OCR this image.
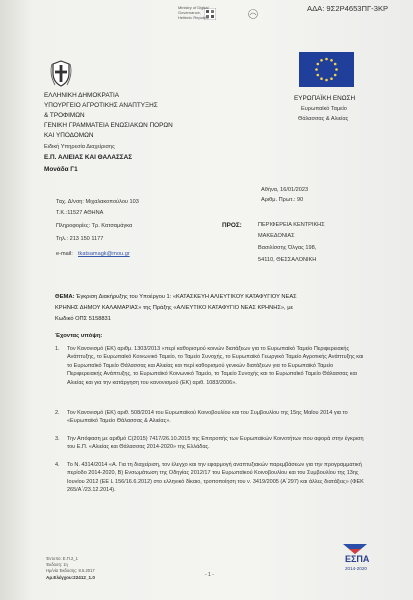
Ministry of Digital
Governance,
Hellenic Republic
ΑΔΑ: 9Σ2Ρ4653ΠΓ-3ΚΡ
ΕΛΛΗΝΙΚΗ ΔΗΜΟΚΡΑΤΙΑ
ΥΠΟΥΡΓΕΙΟ ΑΓΡΟΤΙΚΗΣ ΑΝΑΠΤΥΞΗΣ
& ΤΡΟΦΙΜΩΝ
ΓΕΝΙΚΗ ΓΡΑΜΜΑΤΕΙΑ ΕΝΩΣΙΑΚΩΝ ΠΟΡΩΝ
ΚΑΙ ΥΠΟΔΟΜΩΝ
Ειδική Υπηρεσία Διαχείρισης
Ε.Π. ΑΛΙΕΙΑΣ ΚΑΙ ΘΑΛΑΣΣΑΣ
Μονάδα Γ1
ΕΥΡΩΠΑΪΚΗ ΕΝΩΣΗ
Ευρωπαϊκό Ταμείο
Θάλασσας & Αλιείας
Αθήνα, 16/01/2023
Αριθμ. Πρωτ.: 90
Ταχ. Δ/νση: Μιχαλακοπούλου 103
Τ.Κ.:11527 ΑΘΗΝΑ
Πληροφορίες: Τρ. Κατσαμάγκα
Τηλ.: 213 150 1177
e-mail: tkatsamagk@mou.gr
ΠΡΟΣ:	ΠΕΡΙΦΕΡΕΙΑ ΚΕΝΤΡΙΚΗΣ
ΜΑΚΕΔΟΝΙΑΣ
Βασιλίσσης Όλγας 198,
54110, ΘΕΣΣΑΛΟΝΙΚΗ
ΘΕΜΑ: Έγκριση Διακήρυξης του Υποέργου 1: «ΚΑΤΑΣΚΕΥΗ ΑΛΙΕΥΤΙΚΟΥ ΚΑΤΑΦΥΓΙΟΥ ΝΕΑΣ
ΚΡΗΝΗΣ ΔΗΜΟΥ ΚΑΛΑΜΑΡΙΑΣ» της Πράξης «ΑΛΙΕΥΤΙΚΟ ΚΑΤΑΦΥΓΙΟ ΝΕΑΣ ΚΡΗΝΗΣ», με
Κωδικό ΟΠΣ 5158831
Έχοντας υπόψη:
1.	Τον Κανονισμό (ΕΚ) αριθμ. 1303/2013 «περί καθορισμού κοινών διατάξεων για το Ευρωπαϊκό Ταμείο Περιφερειακής Ανάπτυξης, το Ευρωπαϊκό Κοινωνικό Ταμείο, το Ταμείο Συνοχής, το Ευρωπαϊκό Γεωργικό Ταμείο Αγροτικής Ανάπτυξης και το Ευρωπαϊκό Ταμείο Θάλασσας και Αλιείας και περί καθορισμού γενικών διατάξεων για το Ευρωπαϊκό Ταμείο Περιφερειακής Ανάπτυξης, το Ευρωπαϊκό Κοινωνικό Ταμείο, το Ταμείο Συνοχής και το Ευρωπαϊκό Ταμείο Θάλασσας και Αλιείας και για την κατάργηση του κανονισμού (ΕΚ) αριθ. 1083/2006».
2.	Τον Κανονισμό (ΕΚ) αριθ. 508/2014 του Ευρωπαϊκού Κοινοβουλίου και του Συμβουλίου της 15ης Μαΐου 2014 για το «Ευρωπαϊκό Ταμείο Θάλασσας & Αλιείας».
3.	Την Απόφαση με αριθμό C(2015) 7417/26.10.2015 της Επιτροπής των Ευρωπαϊκών Κοινοτήτων που αφορά στην έγκριση του Ε.Π. «Αλιείας και Θάλασσας 2014-2020» της Ελλάδας.
4.	Το Ν. 4314/2014 «Α. Για τη διαχείριση, τον έλεγχο και την εφαρμογή αναπτυξιακών παρεμβάσεων για την προγραμματική περίοδο 2014-2020, Β) Ενσωμάτωση της Οδηγίας 2012/17 του Ευρωπαϊκού Κοινοβουλίου και του Συμβουλίου της 13ης Ιουνίου 2012 (ΕΕ L 156/16.6.2012) στο ελληνικό δίκαιο, τροποποίηση του ν. 3419/2005 (Α΄297) και άλλες διατάξεις» (ΦΕΚ 265/Α΄/23.12.2014).
Έντυπο: Ε.Π.2_1
Έκδοση: 1η
Ημ/νία Έκδοσης: 8.5.2017
Αρ.Ελέγχου:22412_1.0	- 1 -
ΕΣΠΑ
2014-2020
